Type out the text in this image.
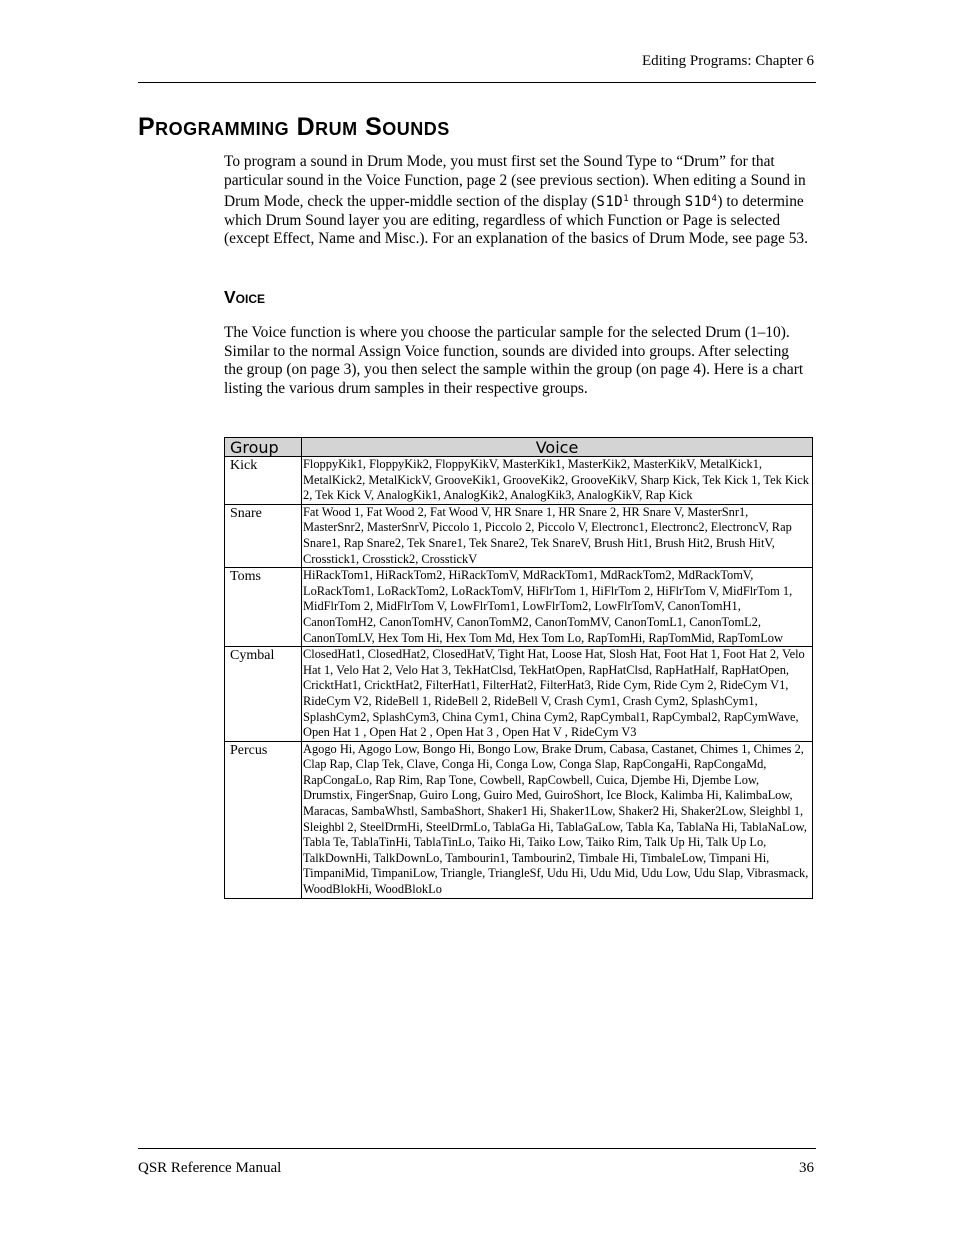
Editing Programs: Chapter 6
Programming Drum Sounds
To program a sound in Drum Mode, you must first set the Sound Type to “Drum” for that particular sound in the Voice Function, page 2 (see previous section). When editing a Sound in Drum Mode, check the upper-middle section of the display ($S1D^1$ through $S1D^4$) to determine which Drum Sound layer you are editing, regardless of which Function or Page is selected (except Effect, Name and Misc.). For an explanation of the basics of Drum Mode, see page 53.
Voice
The Voice function is where you choose the particular sample for the selected Drum (1–10). Similar to the normal Assign Voice function, sounds are divided into groups. After selecting the group (on page 3), you then select the sample within the group (on page 4). Here is a chart listing the various drum samples in their respective groups.
Group	Voice
Kick	FloppyKik1, FloppyKik2, FloppyKikV, MasterKik1, MasterKik2, MasterKikV, MetalKick1, MetalKick2, MetalKickV, GrooveKik1, GrooveKik2, GrooveKikV, Sharp Kick, Tek Kick 1, Tek Kick 2, Tek Kick V, AnalogKik1, AnalogKik2, AnalogKik3, AnalogKikV, Rap Kick
Snare	Fat Wood 1, Fat Wood 2, Fat Wood V, HR Snare 1, HR Snare 2, HR Snare V, MasterSnr1, MasterSnr2, MasterSnrV, Piccolo 1, Piccolo 2, Piccolo V, Electronc1, Electronc2, ElectroncV, Rap Snare1, Rap Snare2, Tek Snare1, Tek Snare2, Tek SnareV, Brush Hit1, Brush Hit2, Brush HitV, Crosstick1, Crosstick2, CrosstickV
Toms	HiRackTom1, HiRackTom2, HiRackTomV, MdRackTom1, MdRackTom2, MdRackTomV, LoRackTom1, LoRackTom2, LoRackTomV, HiFlrTom 1, HiFlrTom 2, HiFlrTom V, MidFlrTom 1, MidFlrTom 2, MidFlrTom V, LowFlrTom1, LowFlrTom2, LowFlrTomV, CanonTomH1, CanonTomH2, CanonTomHV, CanonTomM2, CanonTomMV, CanonTomL1, CanonTomL2, CanonTomLV, Hex Tom Hi, Hex Tom Md, Hex Tom Lo, RapTomHi, RapTomMid, RapTomLow
Cymbal	ClosedHat1, ClosedHat2, ClosedHatV, Tight Hat, Loose Hat, Slosh Hat, Foot Hat 1, Foot Hat 2, Velo Hat 1, Velo Hat 2, Velo Hat 3, TekHatClsd, TekHatOpen, RapHatClsd, RapHatHalf, RapHatOpen, CricktHat1, CricktHat2, FilterHat1, FilterHat2, FilterHat3, Ride Cym, Ride Cym 2, RideCym V1, RideCym V2, RideBell 1, RideBell 2, RideBell V, Crash Cym1, Crash Cym2, SplashCym1, SplashCym2, SplashCym3, China Cym1, China Cym2, RapCymbal1, RapCymbal2, RapCymWave, Open Hat 1 , Open Hat 2 , Open Hat 3 , Open Hat V , RideCym V3
Percus	Agogo Hi, Agogo Low, Bongo Hi, Bongo Low, Brake Drum, Cabasa, Castanet, Chimes 1, Chimes 2, Clap Rap, Clap Tek, Clave, Conga Hi, Conga Low, Conga Slap, RapCongaHi, RapCongaMd, RapCongaLo, Rap Rim, Rap Tone, Cowbell, RapCowbell, Cuica, Djembe Hi, Djembe Low, Drumstix, FingerSnap, Guiro Long, Guiro Med, GuiroShort, Ice Block, Kalimba Hi, KalimbaLow, Maracas, SambaWhstl, SambaShort, Shaker1 Hi, Shaker1Low, Shaker2 Hi, Shaker2Low, Sleighbl 1, Sleighbl 2, SteelDrmHi, SteelDrmLo, TablaGa Hi, TablaGaLow, Tabla Ka, TablaNa Hi, TablaNaLow, Tabla Te, TablaTinHi, TablaTinLo, Taiko Hi, Taiko Low, Taiko Rim, Talk Up Hi, Talk Up Lo, TalkDownHi, TalkDownLo, Tambourin1, Tambourin2, Timbale Hi, TimbaleLow, Timpani Hi, TimpaniMid, TimpaniLow, Triangle, TriangleSf, Udu Hi, Udu Mid, Udu Low, Udu Slap, Vibrasmack, WoodBlokHi, WoodBlokLo
QSR Reference Manual	36
